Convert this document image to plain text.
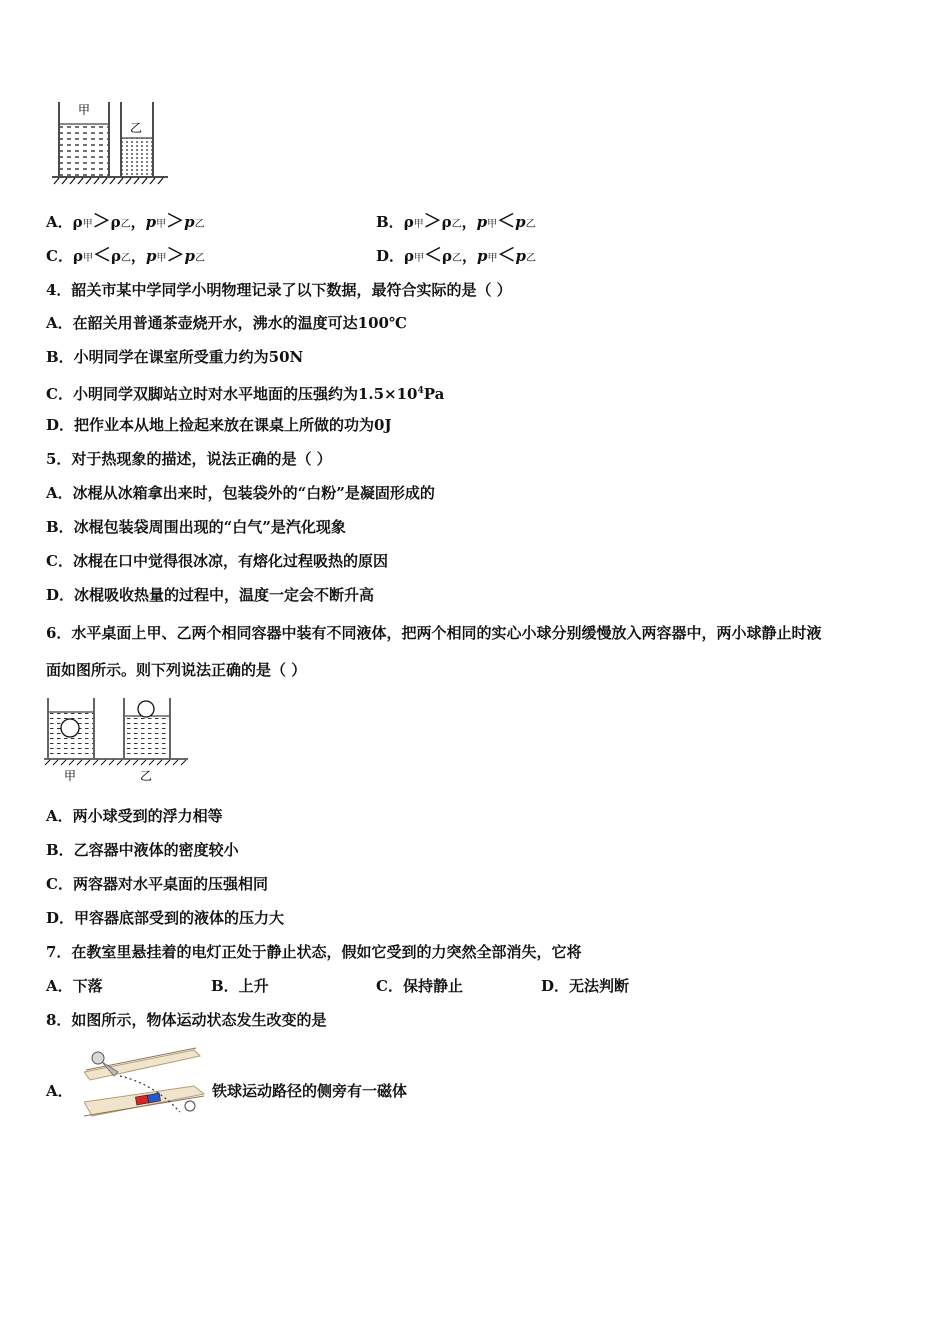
甲
乙
A．ρ甲＞ρ乙，p甲＞p乙	B．ρ甲＞ρ乙，p甲＜p乙
C．ρ甲＜ρ乙，p甲＞p乙	D．ρ甲＜ρ乙，p甲＜p乙
4．韶关市某中学同学小明物理记录了以下数据，最符合实际的是（ ）
A．在韶关用普通茶壶烧开水，沸水的温度可达100℃
B．小明同学在课室所受重力约为50N
C．小明同学双脚站立时对水平地面的压强约为$1.5\times 10^4Pa$
D．把作业本从地上捡起来放在课桌上所做的功为0J
5．对于热现象的描述，说法正确的是（ ）
A．冰棍从冰箱拿出来时，包装袋外的“白粉”是凝固形成的
B．冰棍包装袋周围出现的“白气”是汽化现象
C．冰棍在口中觉得很冰凉，有熔化过程吸热的原因
D．冰棍吸收热量的过程中，温度一定会不断升高
6．水平桌面上甲、乙两个相同容器中装有不同液体，把两个相同的实心小球分别缓慢放入两容器中，两小球静止时液
面如图所示。则下列说法正确的是（ ）
甲	乙
A．两小球受到的浮力相等
B．乙容器中液体的密度较小
C．两容器对水平桌面的压强相同
D．甲容器底部受到的液体的压力大
7．在教室里悬挂着的电灯正处于静止状态，假如它受到的力突然全部消失，它将
A．下落	B．上升	C．保持静止	D．无法判断
8．如图所示，物体运动状态发生改变的是
A．	铁球运动路径的侧旁有一磁体
